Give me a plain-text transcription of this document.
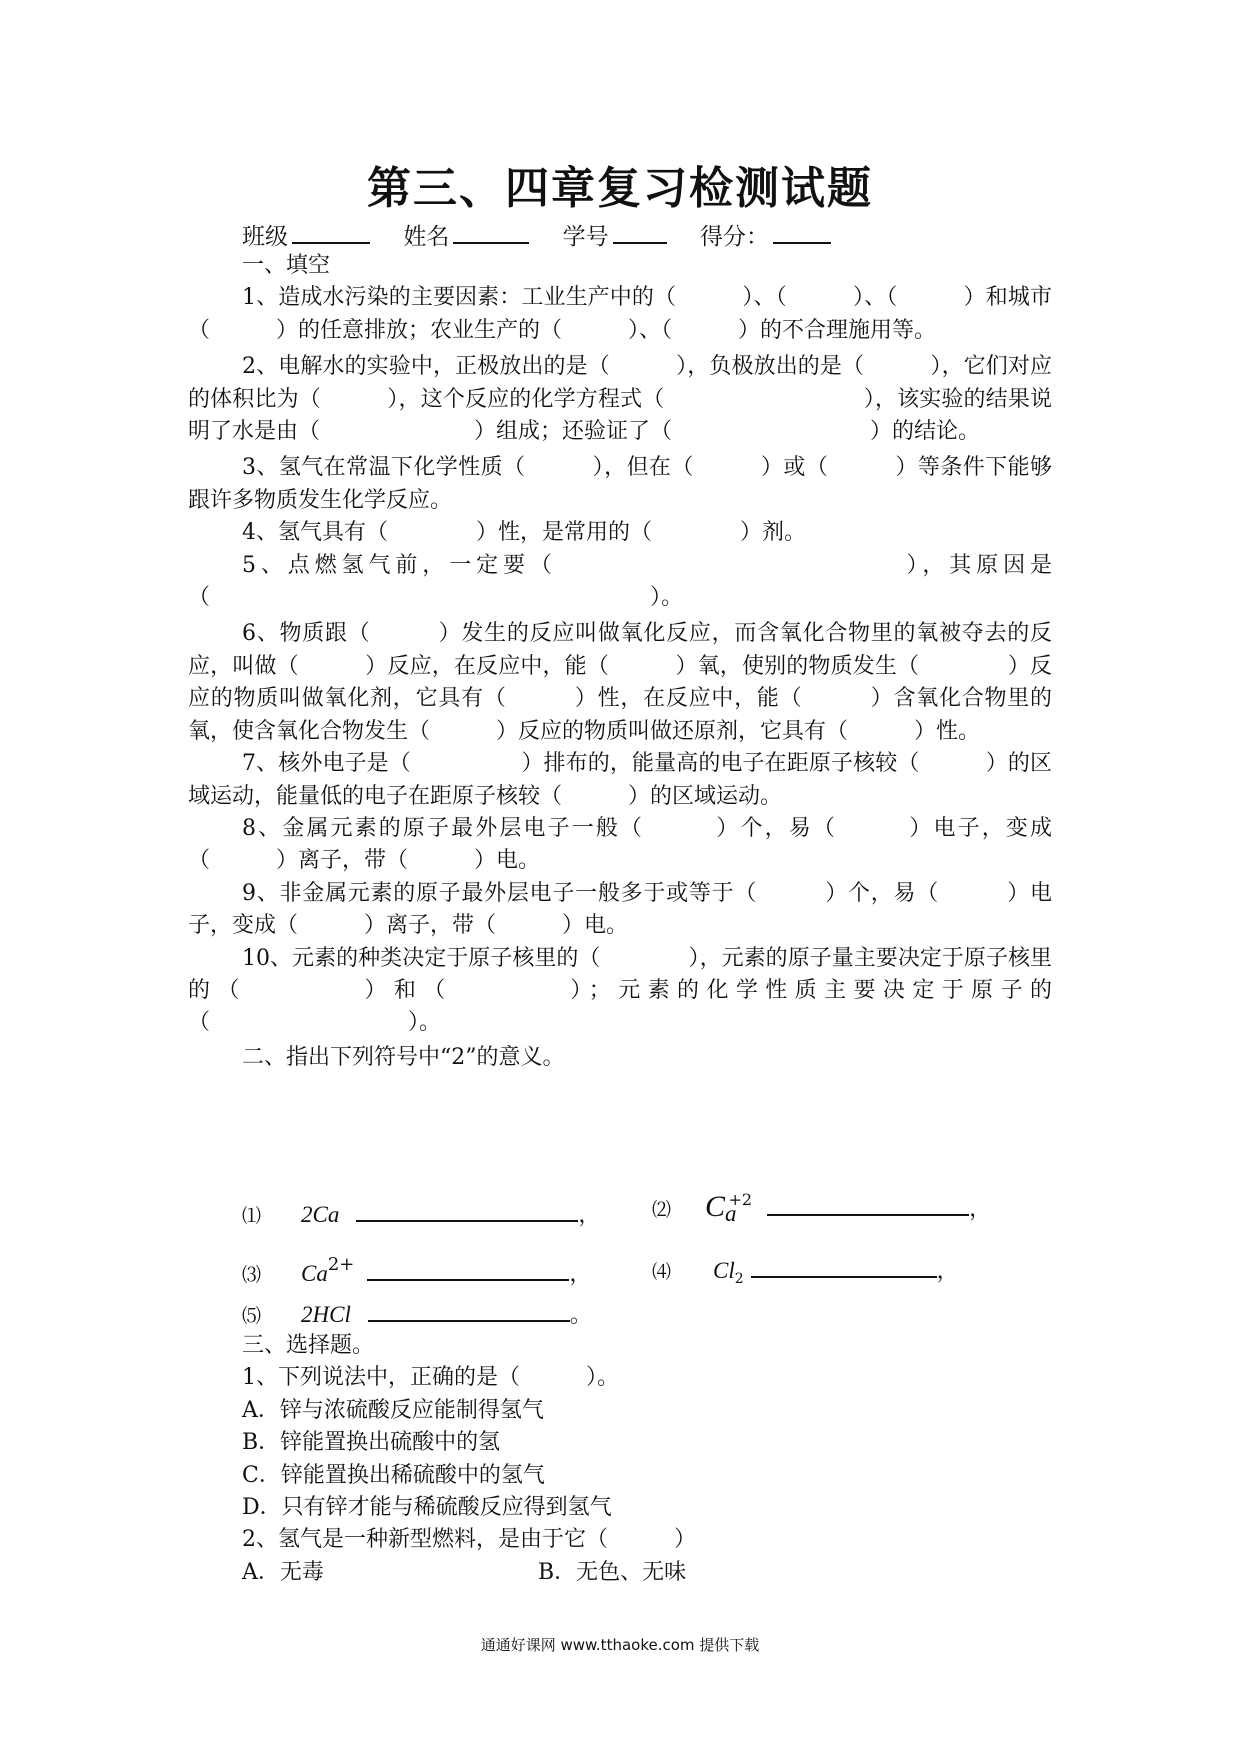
第三、四章复习检测试题
班级	姓名	学号	得分：

一、填空

1、造成水污染的主要因素：工业生产中的（　　　）、（　　　）、（　　　）和城市（　　　）的任意排放；农业生产的（　　　）、（　　　）的不合理施用等。

2、电解水的实验中，正极放出的是（　　　），负极放出的是（　　　），它们对应的体积比为（　　　），这个反应的化学方程式（　　　　　　　　　），该实验的结果说明了水是由（　　　　　　　）组成；还验证了（　　　　　　　　　）的结论。

3、氢气在常温下化学性质（　　　），但在（　　　）或（　　　）等条件下能够跟许多物质发生化学反应。

4、氢气具有（　　　　）性，是常用的（　　　　）剂。

5、点燃氢气前，一定要（　　　　　　　　　　　　　），其原因是（　　　　　　　　　　　　　　　　　　　　）。

6、物质跟（　　　）发生的反应叫做氧化反应，而含氧化合物里的氧被夺去的反应，叫做（　　　）反应，在反应中，能（　　　）氧，使别的物质发生（　　　　）反应的物质叫做氧化剂，它具有（　　　）性，在反应中，能（　　　）含氧化合物里的氧，使含氧化合物发生（　　　）反应的物质叫做还原剂，它具有（　　　）性。

7、核外电子是（　　　　　）排布的，能量高的电子在距原子核较（　　　）的区域运动，能量低的电子在距原子核较（　　　）的区域运动。

8、金属元素的原子最外层电子一般（　　　）个，易（　　　）电子，变成（　　　）离子，带（　　　）电。

9、非金属元素的原子最外层电子一般多于或等于（　　　）个，易（　　　）电子，变成（　　　）离子，带（　　　）电。

10、元素的种类决定于原子核里的（　　　　），元素的原子量主要决定于原子核里的（　　　　）和（　　　　）；元素的化学性质主要决定于原子的（　　　　　　　　　）。

二、指出下列符号中“2”的意义。

⑴ 2Ca	，	⑵ $Ca^{+2}$	，
⑶ $Ca^{2+}$	，	⑷ $Cl_2$	，
⑸ 2HCl	。

三、选择题。

1、下列说法中，正确的是（　　　）。

A．锌与浓硫酸反应能制得氢气

B．锌能置换出硫酸中的氢

C．锌能置换出稀硫酸中的氢气

D．只有锌才能与稀硫酸反应得到氢气

2、氢气是一种新型燃料，是由于它（　　　）

A．无毒	B．无色、无味

通通好课网 www.tthaoke.com 提供下载
